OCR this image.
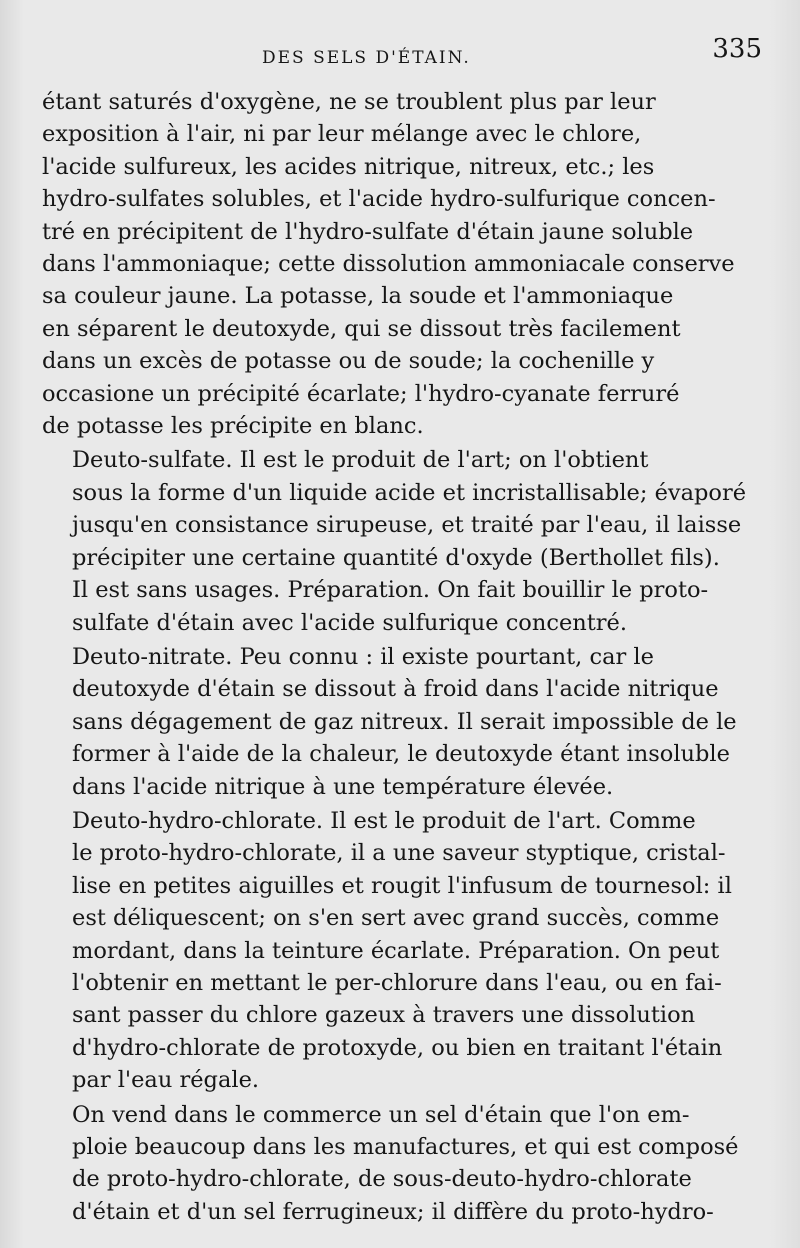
DES SELS D'ÉTAIN.	335

étant saturés d'oxygène, ne se troublent plus par leur
exposition à l'air, ni par leur mélange avec le chlore,
l'acide sulfureux, les acides nitrique, nitreux, etc.; les
hydro-sulfates solubles, et l'acide hydro-sulfurique concen-
tré en précipitent de l'hydro-sulfate d'étain jaune soluble
dans l'ammoniaque; cette dissolution ammoniacale conserve
sa couleur jaune. La potasse, la soude et l'ammoniaque
en séparent le deutoxyde, qui se dissout très facilement
dans un excès de potasse ou de soude; la cochenille y
occasione un précipité écarlate; l'hydro-cyanate ferruré
de potasse les précipite en blanc.

Deuto-sulfate. Il est le produit de l'art; on l'obtient
sous la forme d'un liquide acide et incristallisable; évaporé
jusqu'en consistance sirupeuse, et traité par l'eau, il laisse
précipiter une certaine quantité d'oxyde (Berthollet fils).
Il est sans usages. Préparation. On fait bouillir le proto-
sulfate d'étain avec l'acide sulfurique concentré.

Deuto-nitrate. Peu connu : il existe pourtant, car le
deutoxyde d'étain se dissout à froid dans l'acide nitrique
sans dégagement de gaz nitreux. Il serait impossible de le
former à l'aide de la chaleur, le deutoxyde étant insoluble
dans l'acide nitrique à une température élevée.

Deuto-hydro-chlorate. Il est le produit de l'art. Comme
le proto-hydro-chlorate, il a une saveur styptique, cristal-
lise en petites aiguilles et rougit l'infusum de tournesol: il
est déliquescent; on s'en sert avec grand succès, comme
mordant, dans la teinture écarlate. Préparation. On peut
l'obtenir en mettant le per-chlorure dans l'eau, ou en fai-
sant passer du chlore gazeux à travers une dissolution
d'hydro-chlorate de protoxyde, ou bien en traitant l'étain
par l'eau régale.

On vend dans le commerce un sel d'étain que l'on em-
ploie beaucoup dans les manufactures, et qui est composé
de proto-hydro-chlorate, de sous-deuto-hydro-chlorate
d'étain et d'un sel ferrugineux; il diffère du proto-hydro-
